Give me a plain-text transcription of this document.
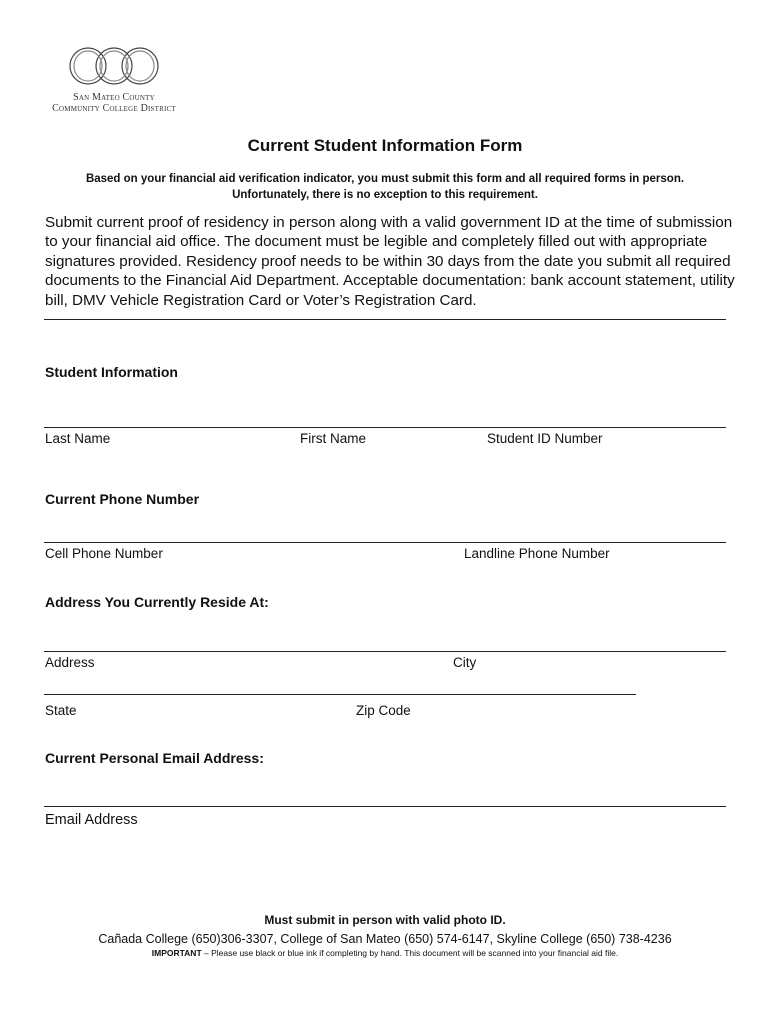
San Mateo County
Community College District
Current Student Information Form
Based on your financial aid verification indicator, you must submit this form and all required forms in person.
Unfortunately, there is no exception to this requirement.
Submit current proof of residency in person along with a valid government ID at the time of submission to your financial aid office. The document must be legible and completely filled out with appropriate signatures provided. Residency proof needs to be within 30 days from the date you submit all required documents to the Financial Aid Department. Acceptable documentation: bank account statement, utility bill, DMV Vehicle Registration Card or Voter’s Registration Card.
Student Information
Last Name	First Name	Student ID Number
Current Phone Number
Cell Phone Number	Landline Phone Number
Address You Currently Reside At:
Address	City
State	Zip Code
Current Personal Email Address:
Email Address
Must submit in person with valid photo ID.
Cañada College (650)306-3307, College of San Mateo (650) 574-6147, Skyline College (650) 738-4236
IMPORTANT – Please use black or blue ink if completing by hand. This document will be scanned into your financial aid file.
